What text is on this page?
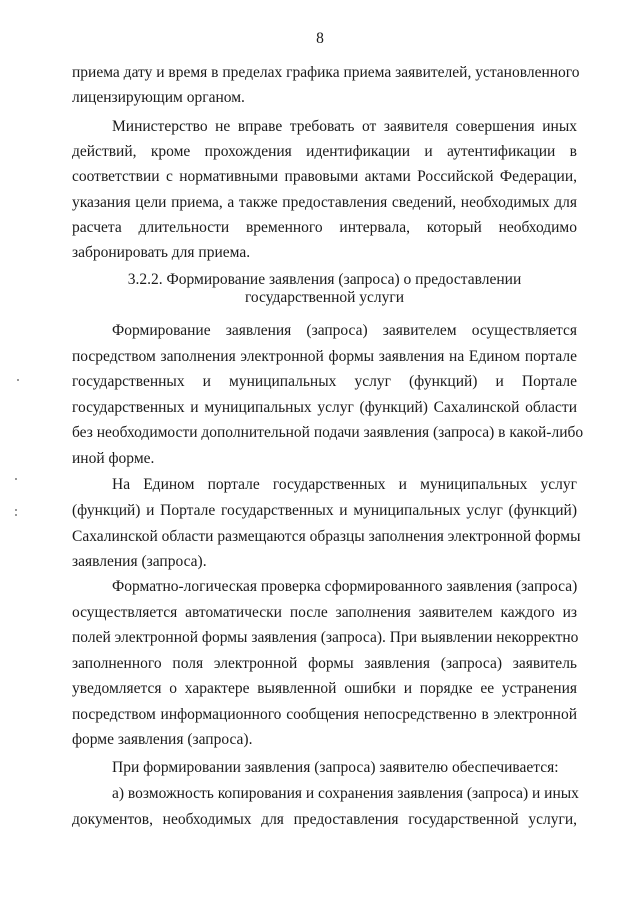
8
приема дату и время в пределах графика приема заявителей, установленного
лицензирующим органом.
Министерство не вправе требовать от заявителя совершения иных
действий, кроме прохождения идентификации и аутентификации в
соответствии с нормативными правовыми актами Российской Федерации,
указания цели приема, а также предоставления сведений, необходимых для
расчета длительности временного интервала, который необходимо
забронировать для приема.
3.2.2. Формирование заявления (запроса) о предоставлении
государственной услуги
Формирование заявления (запроса) заявителем осуществляется
посредством заполнения электронной формы заявления на Едином портале
государственных и муниципальных услуг (функций) и Портале
государственных и муниципальных услуг (функций) Сахалинской области
без необходимости дополнительной подачи заявления (запроса) в какой-либо
иной форме.
На Едином портале государственных и муниципальных услуг
(функций) и Портале государственных и муниципальных услуг (функций)
Сахалинской области размещаются образцы заполнения электронной формы
заявления (запроса).
Форматно-логическая проверка сформированного заявления (запроса)
осуществляется автоматически после заполнения заявителем каждого из
полей электронной формы заявления (запроса). При выявлении некорректно
заполненного поля электронной формы заявления (запроса) заявитель
уведомляется о характере выявленной ошибки и порядке ее устранения
посредством информационного сообщения непосредственно в электронной
форме заявления (запроса).
При формировании заявления (запроса) заявителю обеспечивается:
а) возможность копирования и сохранения заявления (запроса) и иных
документов, необходимых для предоставления государственной услуги,
